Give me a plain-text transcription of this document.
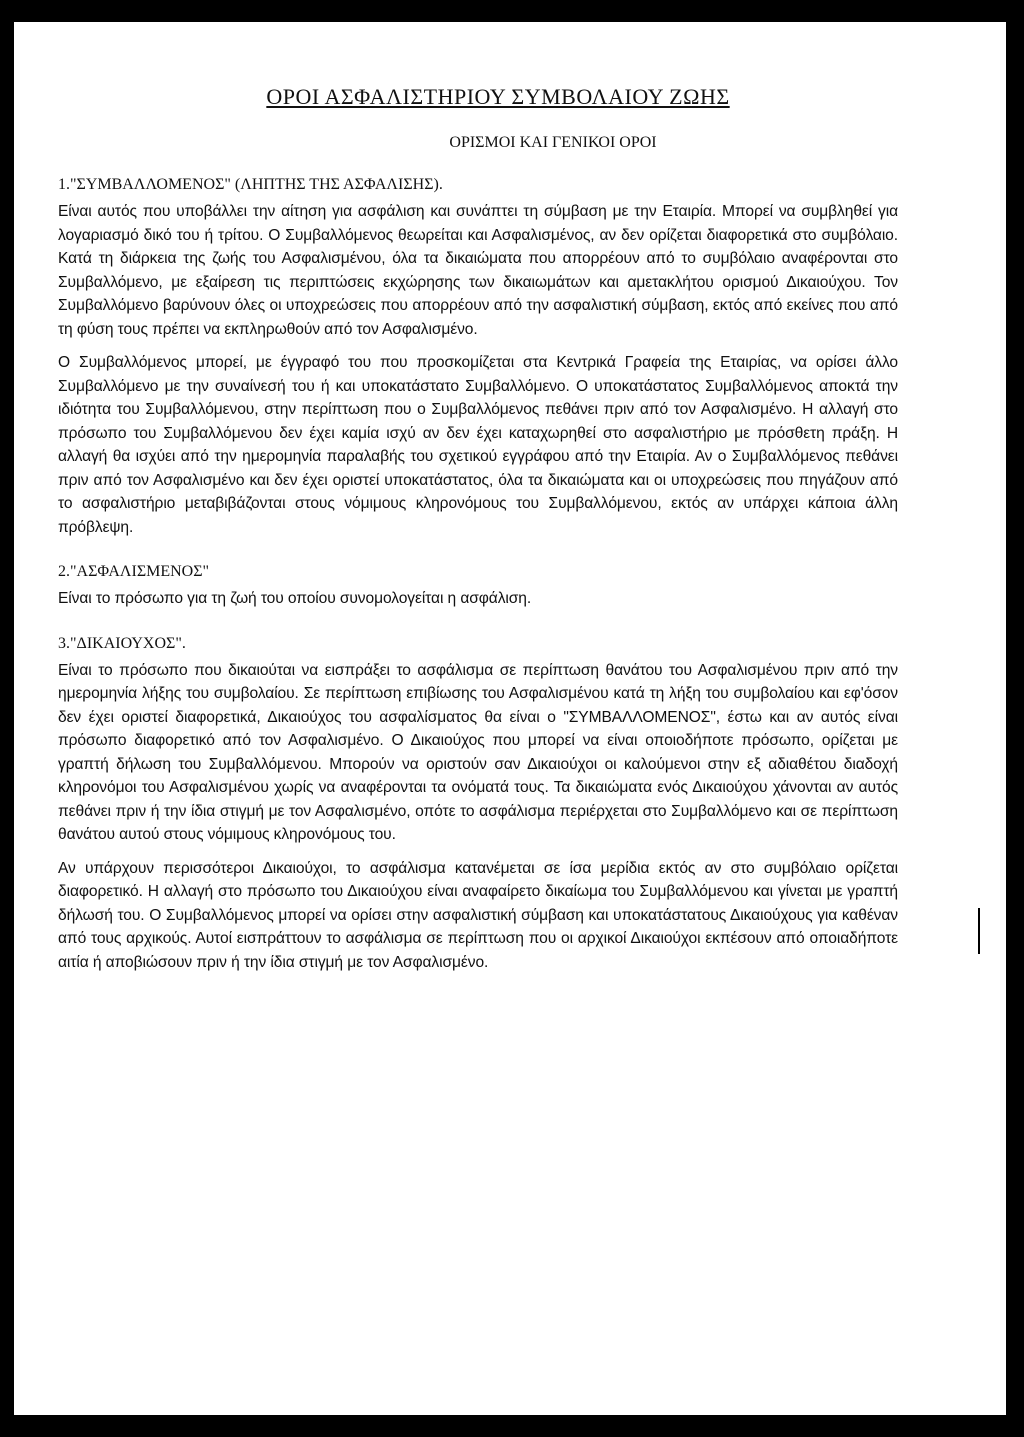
ΟΡΟΙ ΑΣΦΑΛΙΣΤΗΡΙΟΥ ΣΥΜΒΟΛΑΙΟΥ ΖΩΗΣ
ΟΡΙΣΜΟΙ ΚΑΙ ΓΕΝΙΚΟΙ ΟΡΟΙ
1."ΣΥΜΒΑΛΛΟΜΕΝΟΣ" (ΛΗΠΤΗΣ ΤΗΣ ΑΣΦΑΛΙΣΗΣ).

Είναι αυτός που υποβάλλει την αίτηση για ασφάλιση και συνάπτει τη σύμβαση με την Εταιρία. Μπορεί να συμβληθεί για λογαριασμό δικό του ή τρίτου. Ο Συμβαλλόμενος θεωρείται και Ασφαλισμένος, αν δεν ορίζεται διαφορετικά στο συμβόλαιο. Κατά τη διάρκεια της ζωής του Ασφαλισμένου, όλα τα δικαιώματα που απορρέουν από το συμβόλαιο αναφέρονται στο Συμβαλλόμενο, με εξαίρεση τις περιπτώσεις εκχώρησης των δικαιωμάτων και αμετακλήτου ορισμού Δικαιούχου. Τον Συμβαλλόμενο βαρύνουν όλες οι υποχρεώσεις που απορρέουν από την ασφαλιστική σύμβαση, εκτός από εκείνες που από τη φύση τους πρέπει να εκπληρωθούν από τον Ασφαλισμένο.

Ο Συμβαλλόμενος μπορεί, με έγγραφό του που προσκομίζεται στα Κεντρικά Γραφεία της Εταιρίας, να ορίσει άλλο Συμβαλλόμενο με την συναίνεσή του ή και υποκατάστατο Συμβαλλόμενο. Ο υποκατάστατος Συμβαλλόμενος αποκτά την ιδιότητα του Συμβαλλόμενου, στην περίπτωση που ο Συμβαλλόμενος πεθάνει πριν από τον Ασφαλισμένο. Η αλλαγή στο πρόσωπο του Συμβαλλόμενου δεν έχει καμία ισχύ αν δεν έχει καταχωρηθεί στο ασφαλιστήριο με πρόσθετη πράξη. Η αλλαγή θα ισχύει από την ημερομηνία παραλαβής του σχετικού εγγράφου από την Εταιρία. Αν ο Συμβαλλόμενος πεθάνει πριν από τον Ασφαλισμένο και δεν έχει οριστεί υποκατάστατος, όλα τα δικαιώματα και οι υποχρεώσεις που πηγάζουν από το ασφαλιστήριο μεταβιβάζονται στους νόμιμους κληρονόμους του Συμβαλλόμενου, εκτός αν υπάρχει κάποια άλλη πρόβλεψη.

2."ΑΣΦΑΛΙΣΜΕΝΟΣ"

Είναι το πρόσωπο για τη ζωή του οποίου συνομολογείται η ασφάλιση.

3."ΔΙΚΑΙΟΥΧΟΣ".

Είναι το πρόσωπο που δικαιούται να εισπράξει το ασφάλισμα σε περίπτωση θανάτου του Ασφαλισμένου πριν από την ημερομηνία λήξης του συμβολαίου. Σε περίπτωση επιβίωσης του Ασφαλισμένου κατά τη λήξη του συμβολαίου και εφ'όσον δεν έχει οριστεί διαφορετικά, Δικαιούχος του ασφαλίσματος θα είναι ο "ΣΥΜΒΑΛΛΟΜΕΝΟΣ", έστω και αν αυτός είναι πρόσωπο διαφορετικό από τον Ασφαλισμένο. Ο Δικαιούχος που μπορεί να είναι οποιοδήποτε πρόσωπο, ορίζεται με γραπτή δήλωση του Συμβαλλόμενου. Μπορούν να οριστούν σαν Δικαιούχοι οι καλούμενοι στην εξ αδιαθέτου διαδοχή κληρονόμοι του Ασφαλισμένου χωρίς να αναφέρονται τα ονόματά τους. Τα δικαιώματα ενός Δικαιούχου χάνονται αν αυτός πεθάνει πριν ή την ίδια στιγμή με τον Ασφαλισμένο, οπότε το ασφάλισμα περιέρχεται στο Συμβαλλόμενο και σε περίπτωση θανάτου αυτού στους νόμιμους κληρονόμους του.

Αν υπάρχουν περισσότεροι Δικαιούχοι, το ασφάλισμα κατανέμεται σε ίσα μερίδια εκτός αν στο συμβόλαιο ορίζεται διαφορετικό. Η αλλαγή στο πρόσωπο του Δικαιούχου είναι αναφαίρετο δικαίωμα του Συμβαλλόμενου και γίνεται με γραπτή δήλωσή του. Ο Συμβαλλόμενος μπορεί να ορίσει στην ασφαλιστική σύμβαση και υποκατάστατους Δικαιούχους για καθέναν από τους αρχικούς. Αυτοί εισπράττουν το ασφάλισμα σε περίπτωση που οι αρχικοί Δικαιούχοι εκπέσουν από οποιαδήποτε αιτία ή αποβιώσουν πριν ή την ίδια στιγμή με τον Ασφαλισμένο.
